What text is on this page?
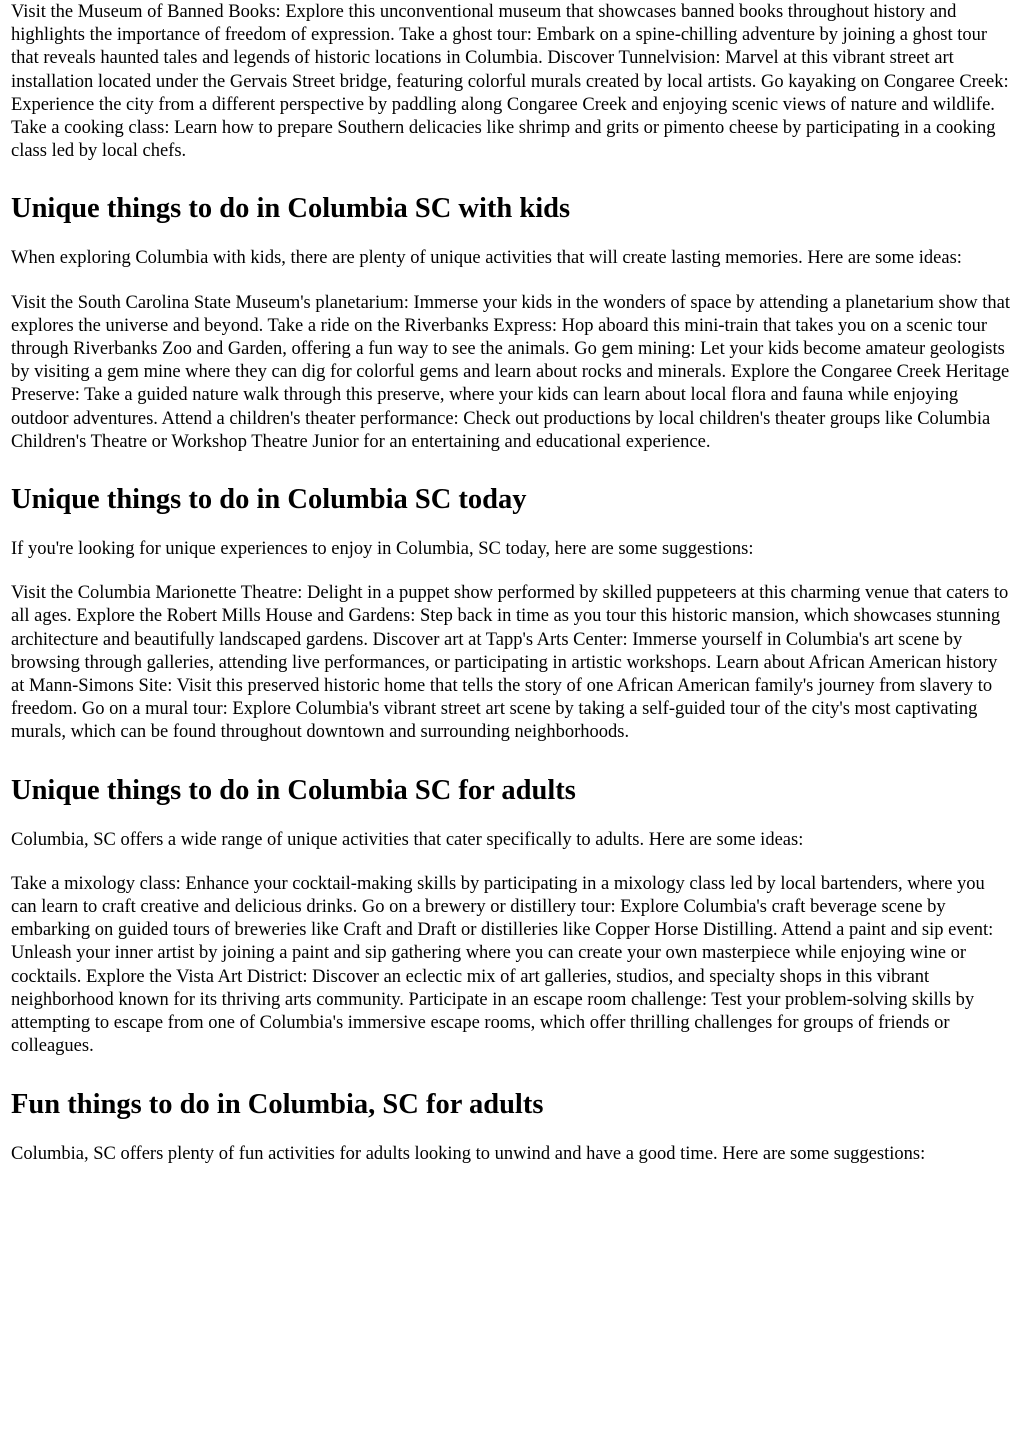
Visit the Museum of Banned Books: Explore this unconventional museum that showcases banned books throughout history and highlights the importance of freedom of expression. Take a ghost tour: Embark on a spine-chilling adventure by joining a ghost tour that reveals haunted tales and legends of historic locations in Columbia. Discover Tunnelvision: Marvel at this vibrant street art installation located under the Gervais Street bridge, featuring colorful murals created by local artists. Go kayaking on Congaree Creek: Experience the city from a different perspective by paddling along Congaree Creek and enjoying scenic views of nature and wildlife. Take a cooking class: Learn how to prepare Southern delicacies like shrimp and grits or pimento cheese by participating in a cooking class led by local chefs.

Unique things to do in Columbia SC with kids

When exploring Columbia with kids, there are plenty of unique activities that will create lasting memories. Here are some ideas:

Visit the South Carolina State Museum's planetarium: Immerse your kids in the wonders of space by attending a planetarium show that explores the universe and beyond. Take a ride on the Riverbanks Express: Hop aboard this mini-train that takes you on a scenic tour through Riverbanks Zoo and Garden, offering a fun way to see the animals. Go gem mining: Let your kids become amateur geologists by visiting a gem mine where they can dig for colorful gems and learn about rocks and minerals. Explore the Congaree Creek Heritage Preserve: Take a guided nature walk through this preserve, where your kids can learn about local flora and fauna while enjoying outdoor adventures. Attend a children's theater performance: Check out productions by local children's theater groups like Columbia Children's Theatre or Workshop Theatre Junior for an entertaining and educational experience.

Unique things to do in Columbia SC today

If you're looking for unique experiences to enjoy in Columbia, SC today, here are some suggestions:

Visit the Columbia Marionette Theatre: Delight in a puppet show performed by skilled puppeteers at this charming venue that caters to all ages. Explore the Robert Mills House and Gardens: Step back in time as you tour this historic mansion, which showcases stunning architecture and beautifully landscaped gardens. Discover art at Tapp's Arts Center: Immerse yourself in Columbia's art scene by browsing through galleries, attending live performances, or participating in artistic workshops. Learn about African American history at Mann-Simons Site: Visit this preserved historic home that tells the story of one African American family's journey from slavery to freedom. Go on a mural tour: Explore Columbia's vibrant street art scene by taking a self-guided tour of the city's most captivating murals, which can be found throughout downtown and surrounding neighborhoods.

Unique things to do in Columbia SC for adults

Columbia, SC offers a wide range of unique activities that cater specifically to adults. Here are some ideas:

Take a mixology class: Enhance your cocktail-making skills by participating in a mixology class led by local bartenders, where you can learn to craft creative and delicious drinks. Go on a brewery or distillery tour: Explore Columbia's craft beverage scene by embarking on guided tours of breweries like Craft and Draft or distilleries like Copper Horse Distilling. Attend a paint and sip event: Unleash your inner artist by joining a paint and sip gathering where you can create your own masterpiece while enjoying wine or cocktails. Explore the Vista Art District: Discover an eclectic mix of art galleries, studios, and specialty shops in this vibrant neighborhood known for its thriving arts community. Participate in an escape room challenge: Test your problem-solving skills by attempting to escape from one of Columbia's immersive escape rooms, which offer thrilling challenges for groups of friends or colleagues.

Fun things to do in Columbia, SC for adults

Columbia, SC offers plenty of fun activities for adults looking to unwind and have a good time. Here are some suggestions:
